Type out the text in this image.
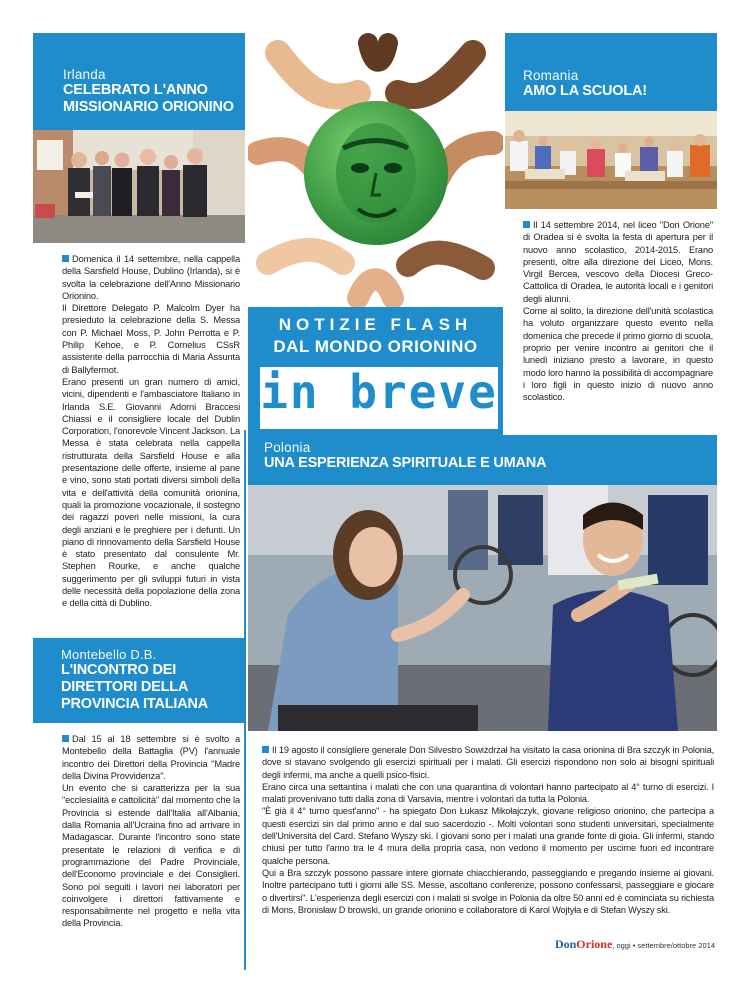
Irlanda
CELEBRATO L'ANNO
MISSIONARIO ORIONINO

Domenica il 14 settembre, nella cappella della Sarsfield House, Dublino (Irlanda), si è svolta la celebrazione dell'Anno Missionario Orionino.

Il Direttore Delegato P. Malcolm Dyer ha presieduto la celebrazione della S. Messa con P. Michael Moss, P. John Perrotta e P. Philip Kehoe, e P. Cornelius CSsR assistente della parrocchia di Maria Assunta di Ballyfermot.

Erano presenti un gran numero di amici, vicini, dipendenti e l'ambasciatore Italiano in Irlanda S.E. Giovanni Adorni Braccesi Chiassi e il consigliere locale del Dublin Corporation, l'onorevole Vincent Jackson. La Messa è stata celebrata nella cappella ristrutturata della Sarsfield House e alla presentazione delle offerte, insieme al pane e vino, sono stati portati diversi simboli della vita e dell'attività della comunità orionina, quali la promozione vocazionale, il sostegno dei ragazzi poveri nelle missioni, la cura degli anziani e le preghiere per i defunti. Un piano di rinnovamento della Sarsfield House è stato presentato dal consulente Mr. Stephen Rourke, e anche qualche suggerimento per gli sviluppi futuri in vista delle necessità della popolazione della zona e della città di Dublino.

Montebello D.B.
L'INCONTRO DEI
DIRETTORI DELLA
PROVINCIA ITALIANA

Dal 15 al 18 settembre si è svolto a Montebello della Battaglia (PV) l'annuale incontro dei Direttori della Provincia "Madre della Divina Provvidenza".

Un evento che si caratterizza per la sua "ecclesialità e cattolicità" dal momento che la Provincia si estende dall'Italia all'Albania, dalla Romania all'Ucraina fino ad arrivare in Madagascar. Durante l'incontro sono state presentate le relazioni di verifica e di programmazione del Padre Provinciale, dell'Economo provinciale e dei Consiglieri. Sono poi seguiti i lavori nei laboratori per coinvolgere i direttori fattivamente e responsabilmente nel progetto e nella vita della Provincia.

NOTIZIE FLASH
DAL MONDO ORIONINO
in breve
Romania
AMO LA SCUOLA!

Il 14 settembre 2014, nel liceo "Don Orione" di Oradea si è svolta la festa di apertura per il nuovo anno scolastico, 2014-2015. Erano presenti, oltre alla direzione del Liceo, Mons. Virgil Bercea, vescovo della Diocesi Greco-Cattolica di Oradea, le autorità locali e i genitori degli alunni.

Come al solito, la direzione dell'unità scolastica ha voluto organizzare questo evento nella domenica che precede il primo giorno di scuola, proprio per venire incontro ai genitori che il lunedì iniziano presto a lavorare, in questo modo loro hanno la possibilità di accompagnare i loro figli in questo inizio di nuovo anno scolastico.

Polonia
UNA ESPERIENZA SPIRITUALE E UMANA

Il 19 agosto il consigliere generale Don Silvestro Sowiżdrzał ha visitato la casa orionina di Bra szczyk in Polonia, dove si stavano svolgendo gli esercizi spirituali per i malati. Gli esercizi rispondono non solo ai bisogni spirituali degli infermi, ma anche a quelli psico-fisici.

Erano circa una settantina i malati che con una quarantina di volontari hanno partecipato al 4° turno di esercizi. I malati provenivano tutti dalla zona di Varsavia, mentre i volontari da tutta la Polonia.

"È già il 4° turno quest'anno" - ha spiegato Don Łukasz Mikołajczyk, giovane religioso orionino, che partecipa a questi esercizi sin dal primo anno e dal suo sacerdozio -. Molti volontari sono studenti universitari, specialmente dell'Università del Card. Stefano Wyszy ski. I giovani sono per i malati una grande fonte di gioia. Gli infermi, stando chiusi per tutto l'anno tra le 4 mura della propria casa, non vedono il momento per uscirne fuori ed incontrare qualche persona.

Qui a Bra szczyk possono passare intere giornate chiacchierando, passeggiando e pregando insieme ai giovani. Inoltre partecipano tutti i giorni alle SS. Messe, ascoltano conferenze, possono confessarsi, passeggiare e giocare o divertirsi". L'esperienza degli esercizi con i malati si svolge in Polonia da oltre 50 anni ed è cominciata su richiesta di Mons. Bronisław D browski, un grande orionino e collaboratore di Karol Wojtyła e di Stefan Wyszy ski.

DonOrione, oggi • settembre/ottobre 2014
